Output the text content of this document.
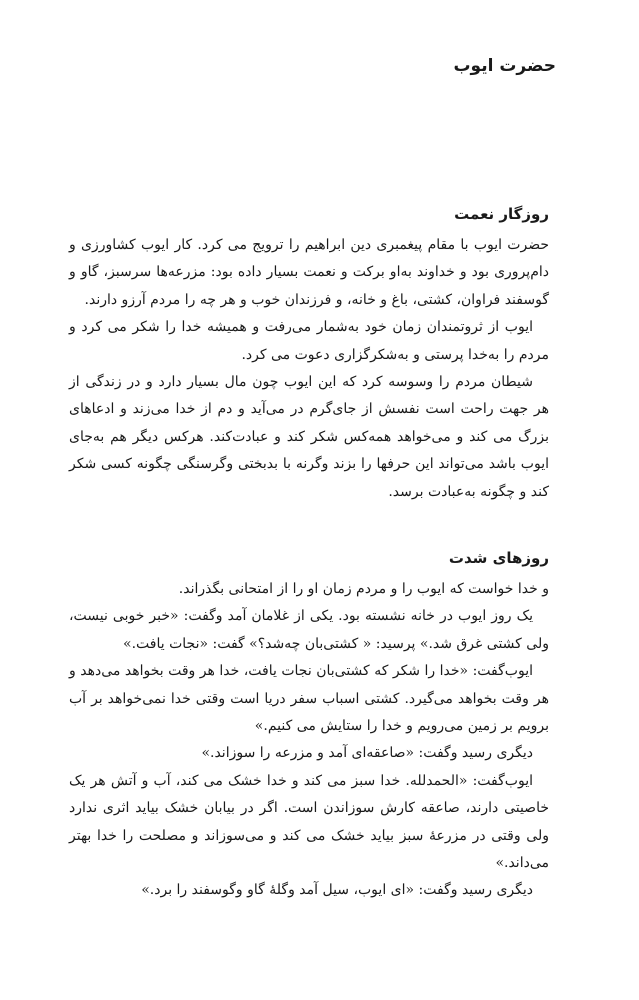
حضرت ایوب
روزگار نعمت

حضرت ایوب با مقام پیغمبری دین ابراهیم را ترویج می کرد. کار ایوب کشاورزی و دام‌پروری بود و خداوند به‌او برکت و نعمت بسیار داده بود: مزرعه‌ها سرسبز، گاو و گوسفند فراوان، کشتی، باغ و خانه، و فرزندان خوب و هر چه را مردم آرزو دارند.

ایوب از ثروتمندان زمان خود به‌شمار می‌رفت و همیشه خدا را شکر می کرد و مردم را به‌خدا پرستی و به‌شکرگزاری دعوت می کرد.

شیطان مردم را وسوسه کرد که این ایوب چون مال بسیار دارد و در زندگی از هر جهت راحت است نفسش از جای‌گرم در می‌آید و دم از خدا می‌زند و ادعاهای بزرگ می کند و می‌خواهد همه‌کس شکر کند و عبادت‌کند. هر‌کس دیگر هم به‌جای ایوب باشد می‌تواند این حرفها را بزند وگرنه با بدبختی وگرسنگی چگونه کسی شکر کند و چگونه به‌عبادت برسد.

روزهای شدت

و خدا خواست که ایوب را و مردم زمان او را از امتحانی بگذراند.

یک روز ایوب در خانه نشسته بود. یکی از غلامان آمد وگفت: «خبر خوبی نیست، ولی کشتی غرق شد.» پرسید: « کشتی‌بان چه‌شد؟» گفت: «نجات یافت.»

ایوب‌گفت: «خدا را شکر که کشتی‌بان نجات یافت، خدا هر وقت بخواهد می‌دهد و هر وقت بخواهد می‌گیرد. کشتی اسباب سفر دریا است وقتی خدا نمی‌خواهد بر آب برویم بر زمین می‌رویم و خدا را ستایش می کنیم.»

دیگری رسید وگفت: «صاعقه‌ای آمد و مزرعه را سوزاند.»

ایوب‌گفت: «الحمدلله. خدا سبز می کند و خدا خشک می کند، آب و آتش هر یک خاصیتی دارند، صاعقه کارش سوزاندن است. اگر در بیابان خشک بیاید اثری ندارد ولی وقتی در مزرعهٔ سبز بیاید خشک می کند و می‌سوزاند و مصلحت را خدا بهتر می‌داند.»

دیگری رسید وگفت: «ای ایوب، سیل آمد وگلهٔ گاو وگوسفند را برد.»
